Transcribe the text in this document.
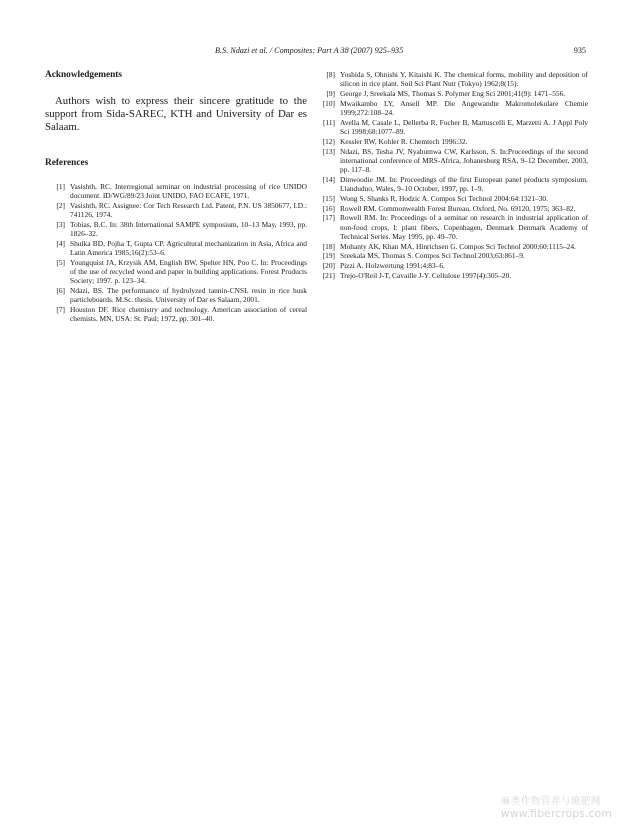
B.S. Ndazi et al. / Composites: Part A 38 (2007) 925–935	935
Acknowledgements

Authors wish to express their sincere gratitude to the support from Sida-SAREC, KTH and University of Dar es Salaam.

References
[1] Vasishth, RC. Interregional seminar on industrial processing of rice UNIDO document. ID/WG/89/23 Joint UNIDO, FAO ECAFE, 1971.
[2] Vasishth, RC. Assignee: Cor Tech Research Ltd. Patent, P.N. US 3850677, I.D.: 741126, 1974.
[3] Tobias, B.C. In: 38th International SAMPE symposium, 10–13 May, 1993, pp. 1826–32.
[4] Shulka BD, Pojha T, Gupta CP. Agricultural mechanization in Asia, Africa and Latin America 1985;16(2):53–6.
[5] Youngquist JA, Krzysik AM, English BW, Spelter HN, Poo C. In: Proceedings of the use of recycled wood and paper in building applications. Forest Products Society; 1997. p. 123–34.
[6] Ndazi, BS. The performance of hydrolyzed tannin-CNSL resin in rice husk particleboards. M.Sc. thesis. University of Dar es Salaam, 2001.
[7] Houston DF. Rice chemistry and technology. American association of cereal chemists. MN, USA: St. Paul; 1972, pp. 301–40.
[8] Yoshida S, Ohnishi Y, Kitaishi K. The chemical forms, mobility and deposition of silicon in rice plant. Soil Sci Plant Nutr (Tokyo) 1962;8(15).
[9] George J, Sreekala MS, Thomas S. Polymer Eng Sci 2001;41(9): 1471–556.
[10] Mwaikambo LY, Ansell MP. Die Angewandte Makromolekulare Chemie 1999;272:108–24.
[11] Avella M, Casale L, Dellerba R, Focher B, Martuscelli E, Marzetti A. J Appl Poly Sci 1998;68:1077–89.
[12] Kessler RW, Kohler R. Chemtech 1996:32.
[13] Ndazi, BS, Tesha JV, Nyahumwa CW, Karlsson, S. In:Proceedings of the second international conference of MRS-Africa, Johanesburg RSA, 9–12 December, 2003, pp. 117–8.
[14] Dinwoodie JM. In: Proceedings of the first European panel products symposium. Llandudno, Wales, 9–10 October, 1997, pp. 1–9.
[15] Wong S, Shanks R, Hodzic A. Compos Sci Technol 2004;64:1321–30.
[16] Rowell RM. Commonwealth Forest Bureau. Oxford, No. 69120, 1975; 363–82.
[17] Rowell RM. In: Proceedings of a seminar on research in industrial application of non-food crops, I: plant fibers, Copenhagen, Denmark Denmark Academy of Technical Series. May 1995, pp. 49–70.
[18] Mohanty AK, Khan MA, Hinrichsen G. Compos Sci Technol 2000;60:1115–24.
[19] Sreekala MS, Thomas S. Compos Sci Technol 2003;63:861–9.
[20] Pizzi A. Holzwertung 1991;4:83–6.
[21] Trejo-O'Reil J-T, Cavaille J-Y. Cellulose 1997(4):305–20.
麻类作物营养与施肥网
www.fibercrops.com
